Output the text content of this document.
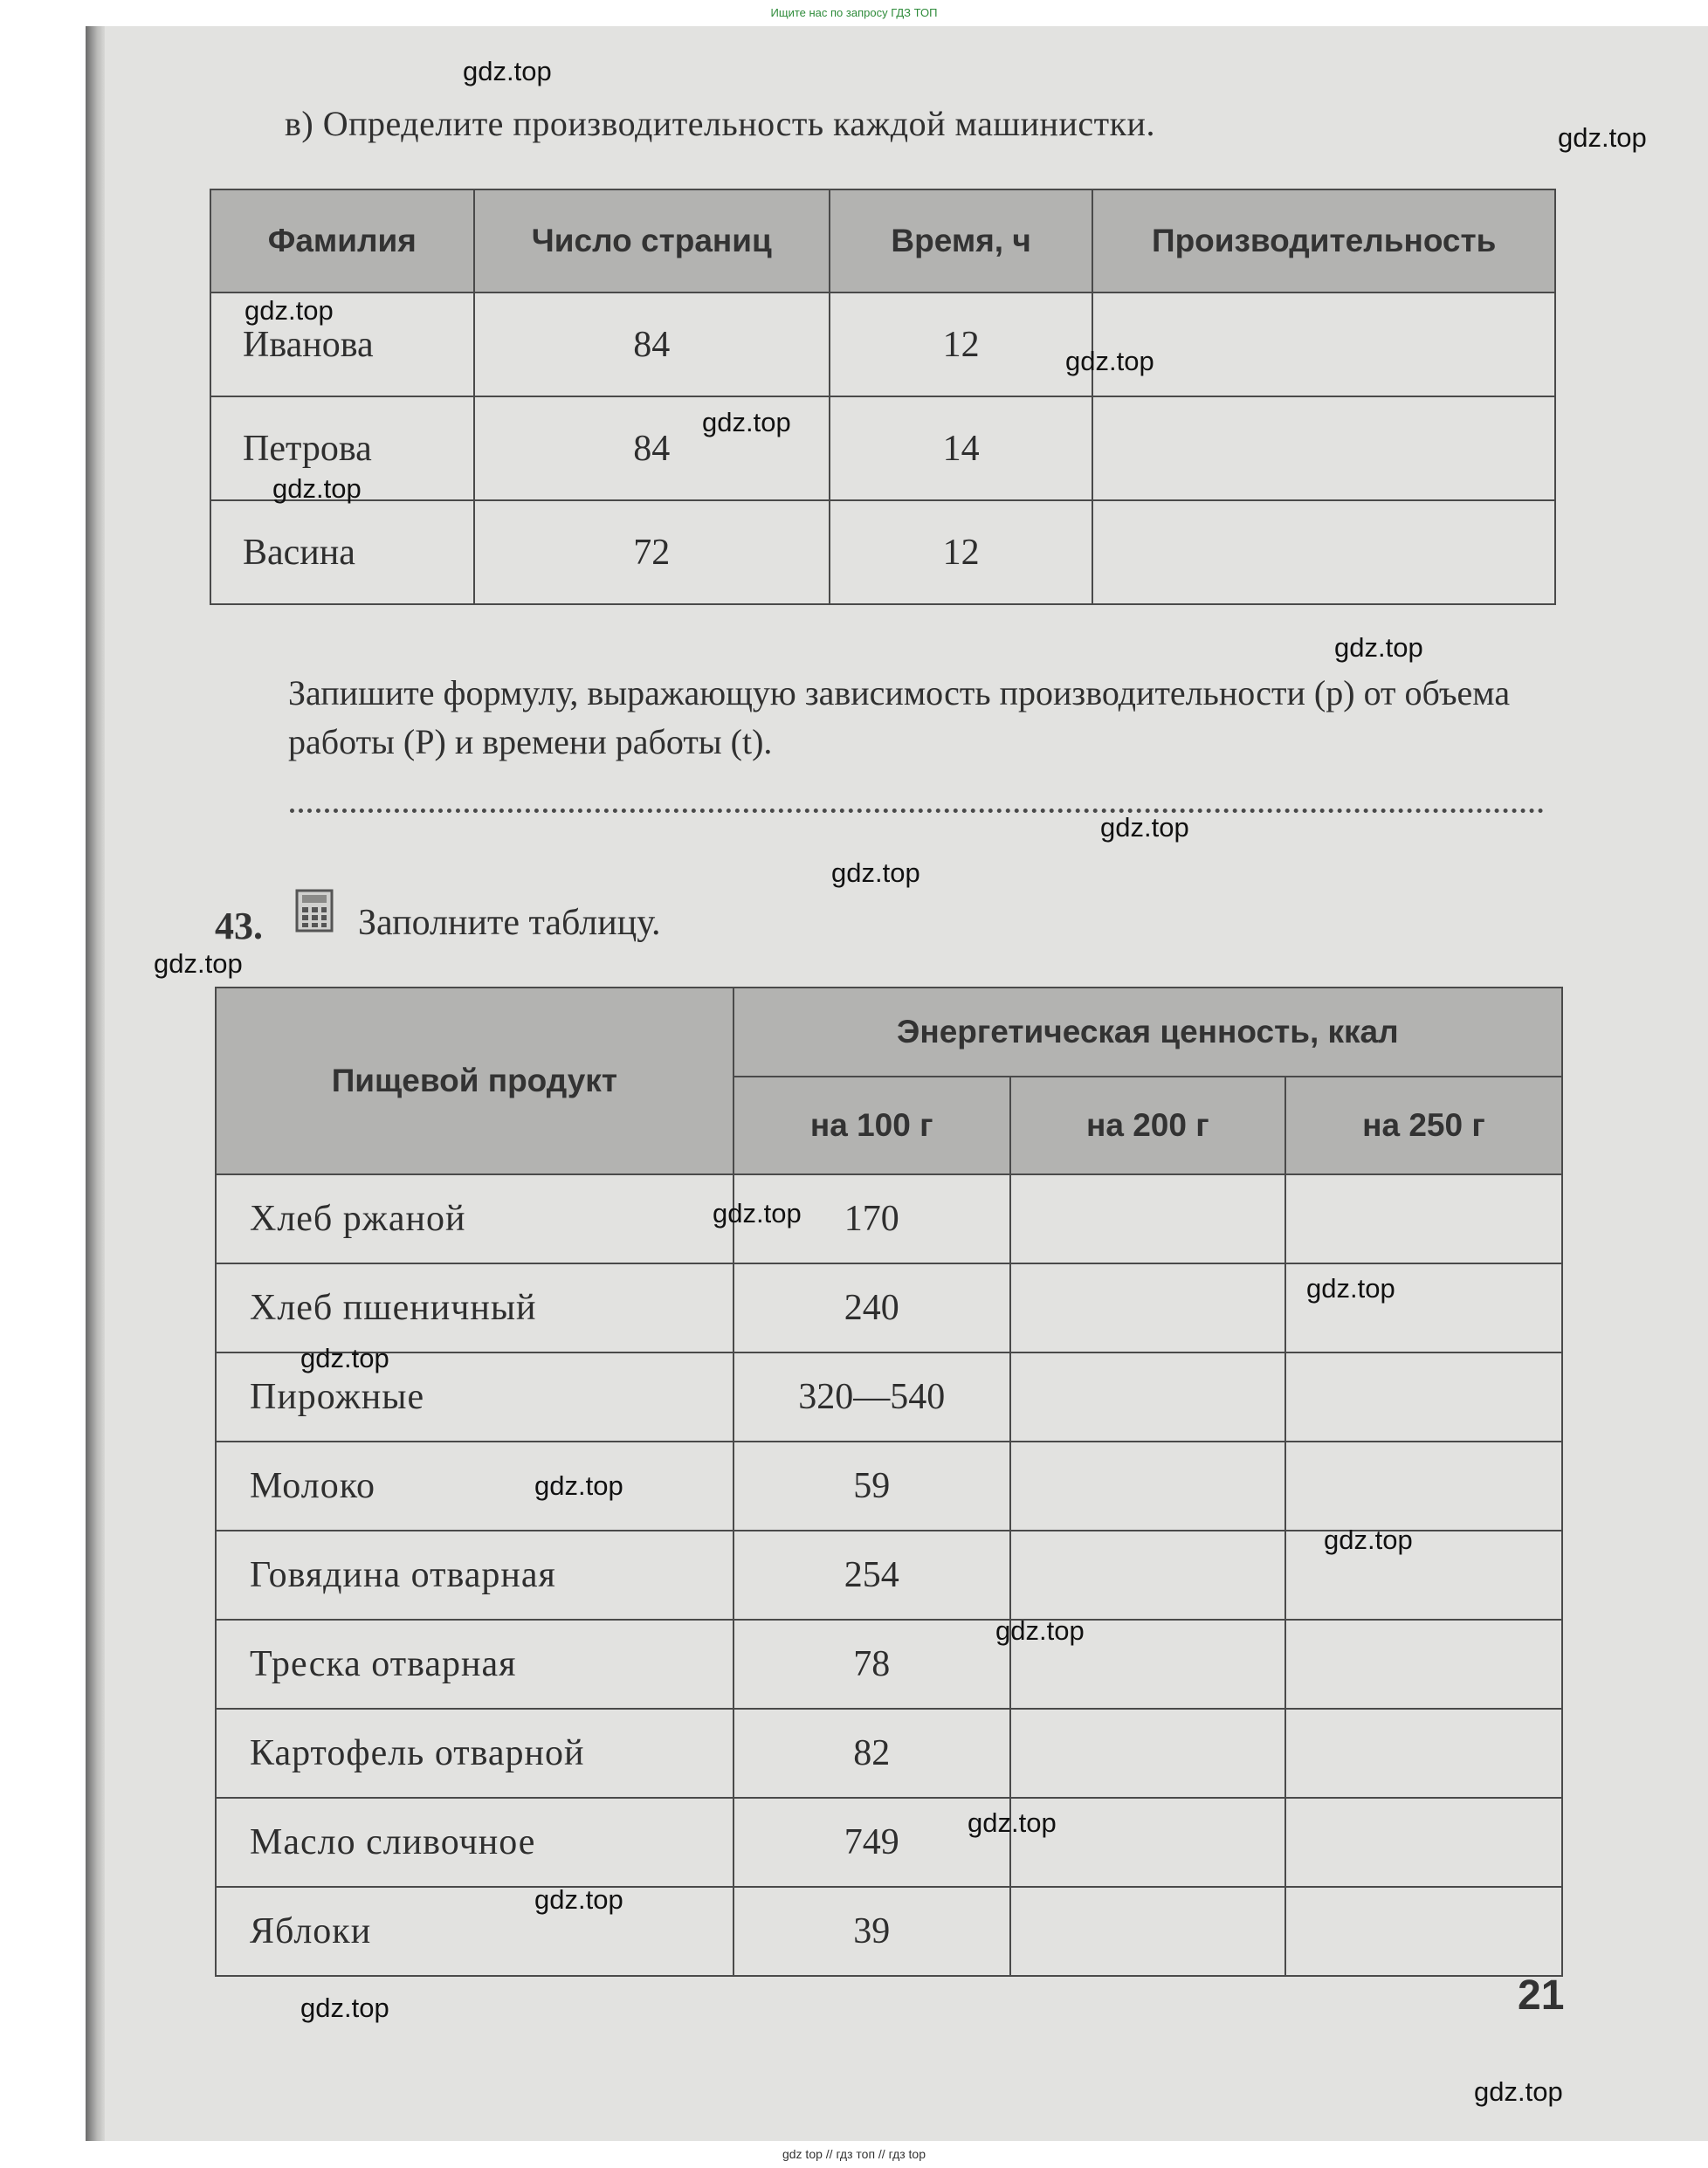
Ищите нас по запросу ГДЗ ТОП
в) Определите производительность каждой машинистки.
Фамилия	Число страниц	Время, ч	Производительность
Иванова	84	12	
Петрова	84	14	
Васина	72	12	
Запишите формулу, выражающую зависимость производительности (p) от объема работы (P) и времени работы (t).
43.	Заполните таблицу.
Пищевой продукт	Энергетическая ценность, ккал		
	на 100 г	на 200 г	на 250 г
Хлеб ржаной	170		
Хлеб пшеничный	240		
Пирожные	320—540		
Молоко	59		
Говядина отварная	254		
Треска отварная	78		
Картофель отварной	82		
Масло сливочное	749		
Яблоки	39		
21
gdz.top
gdz.top
gdz.top
gdz.top
gdz.top
gdz.top
gdz.top
gdz.top
gdz.top
gdz.top
gdz.top
gdz.top
gdz.top
gdz.top
gdz.top
gdz.top
gdz.top
gdz.top
gdz.top
gdz.top
gdz top // гдз топ // гдз top
